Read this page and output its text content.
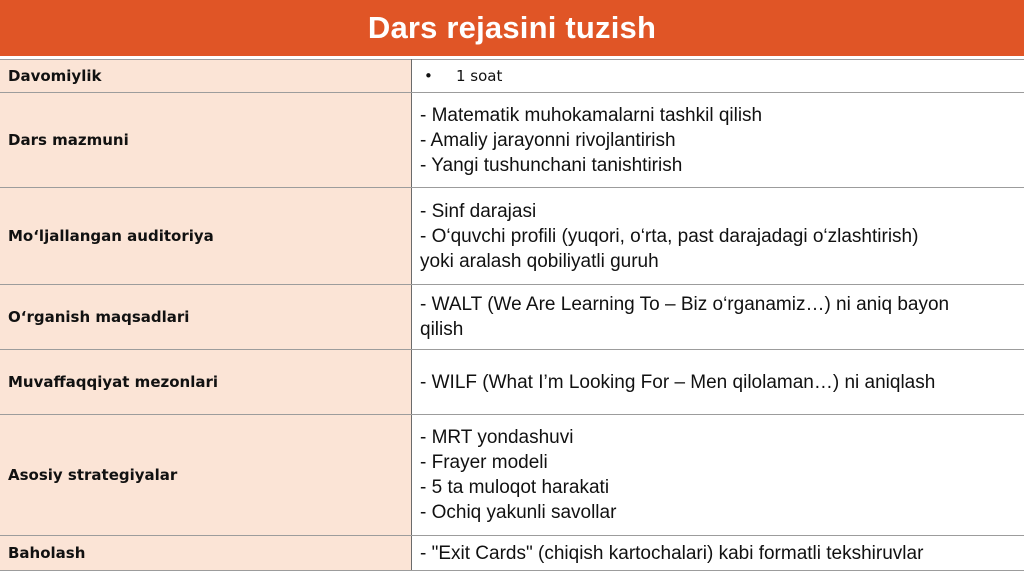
Dars rejasini tuzish
Davomiylik	• 1 soat

Dars mazmuni	- Matematik muhokamalarni tashkil qilish
- Amaliy jarayonni rivojlantirish
- Yangi tushunchani tanishtirish

Mo‘ljallangan auditoriya	- Sinf darajasi
- O‘quvchi profili (yuqori, o‘rta, past darajadagi o‘zlashtirish)
yoki aralash qobiliyatli guruh

O‘rganish maqsadlari	- WALT (We Are Learning To – Biz o‘rganamiz…) ni aniq bayon
qilish

Muvaffaqqiyat mezonlari	- WILF (What I’m Looking For – Men qilolaman…) ni aniqlash

Asosiy strategiyalar	- MRT yondashuvi
- Frayer modeli
- 5 ta muloqot harakati
- Ochiq yakunli savollar

Baholash	- "Exit Cards" (chiqish kartochalari) kabi formatli tekshiruvlar
